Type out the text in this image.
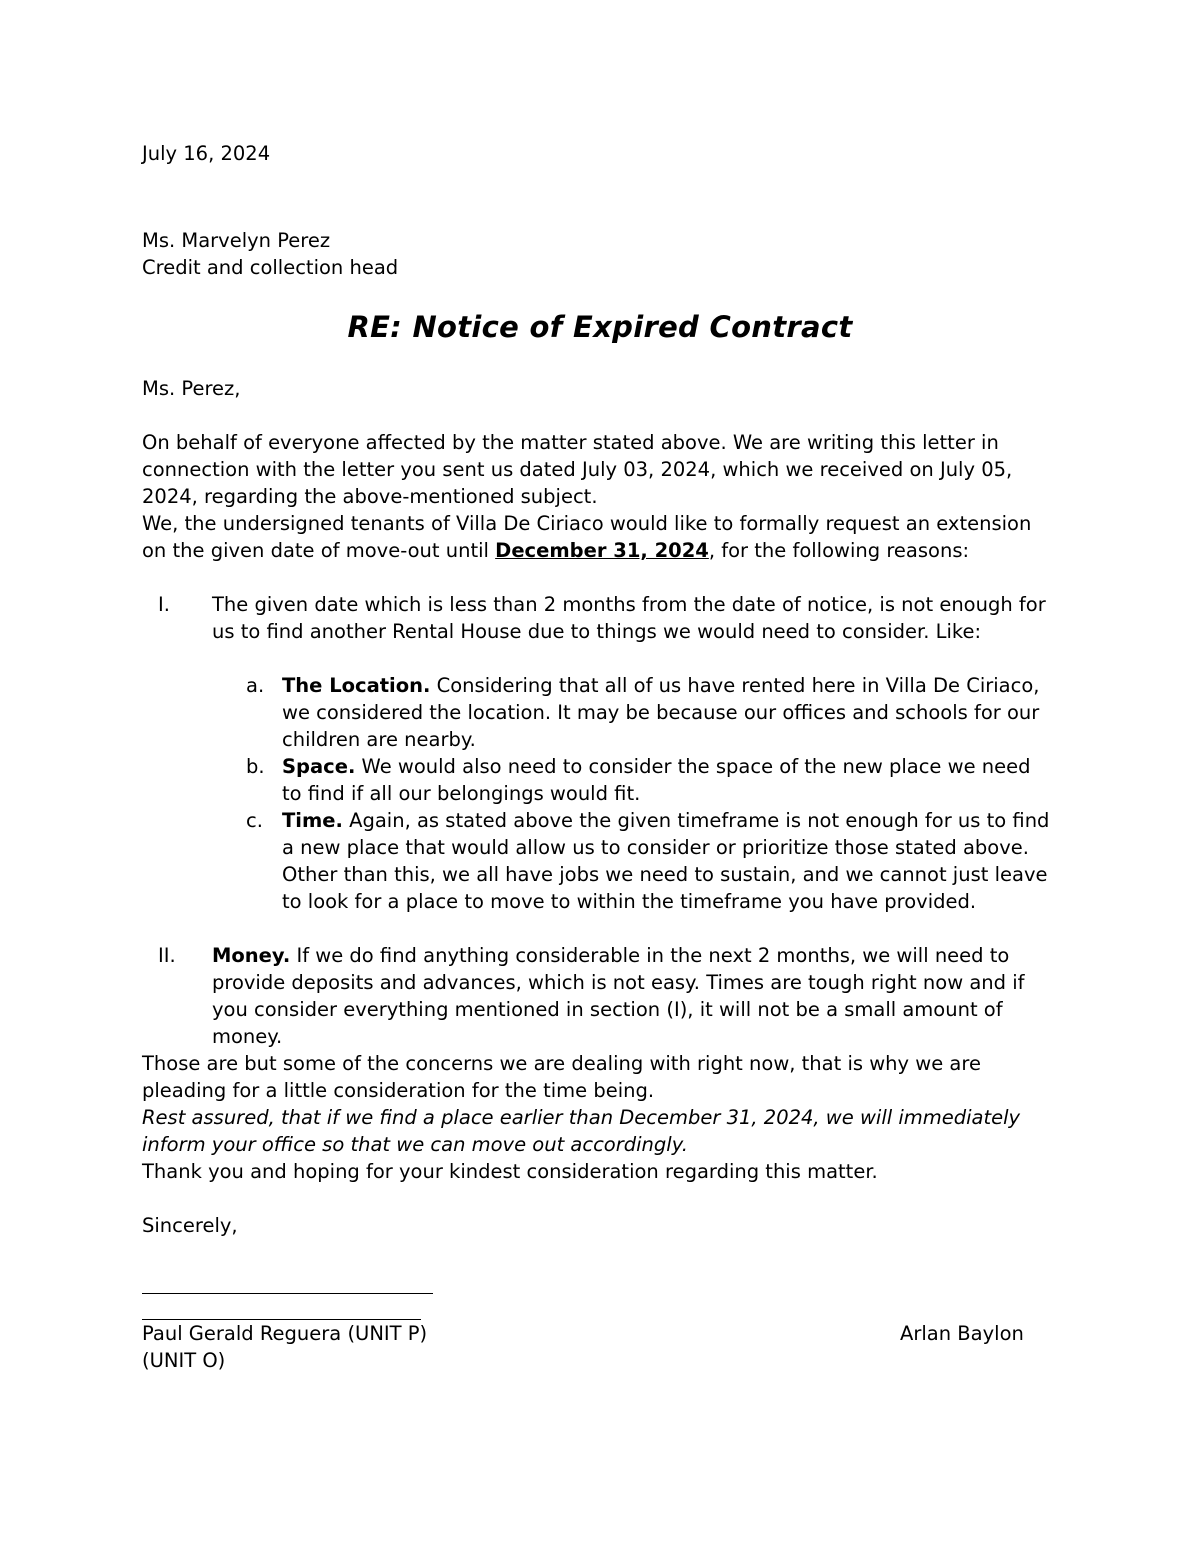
July 16, 2024
Ms. Marvelyn Perez
Credit and collection head
RE: Notice of Expired Contract
Ms. Perez,
On behalf of everyone affected by the matter stated above. We are writing this letter in connection with the letter you sent us dated July 03, 2024, which we received on July 05, 2024, regarding the above-mentioned subject.
We, the undersigned tenants of Villa De Ciriaco would like to formally request an extension on the given date of move-out until December 31, 2024, for the following reasons:
I. The given date which is less than 2 months from the date of notice, is not enough for us to find another Rental House due to things we would need to consider. Like:
a. The Location. Considering that all of us have rented here in Villa De Ciriaco, we considered the location. It may be because our offices and schools for our children are nearby.
b. Space. We would also need to consider the space of the new place we need to find if all our belongings would fit.
c. Time. Again, as stated above the given timeframe is not enough for us to find a new place that would allow us to consider or prioritize those stated above. Other than this, we all have jobs we need to sustain, and we cannot just leave to look for a place to move to within the timeframe you have provided.
II. Money. If we do find anything considerable in the next 2 months, we will need to provide deposits and advances, which is not easy. Times are tough right now and if you consider everything mentioned in section (I), it will not be a small amount of money.
Those are but some of the concerns we are dealing with right now, that is why we are pleading for a little consideration for the time being.
Rest assured, that if we find a place earlier than December 31, 2024, we will immediately inform your office so that we can move out accordingly.
Thank you and hoping for your kindest consideration regarding this matter.
Sincerely,
Paul Gerald Reguera (UNIT P)	Arlan Baylon
(UNIT O)
